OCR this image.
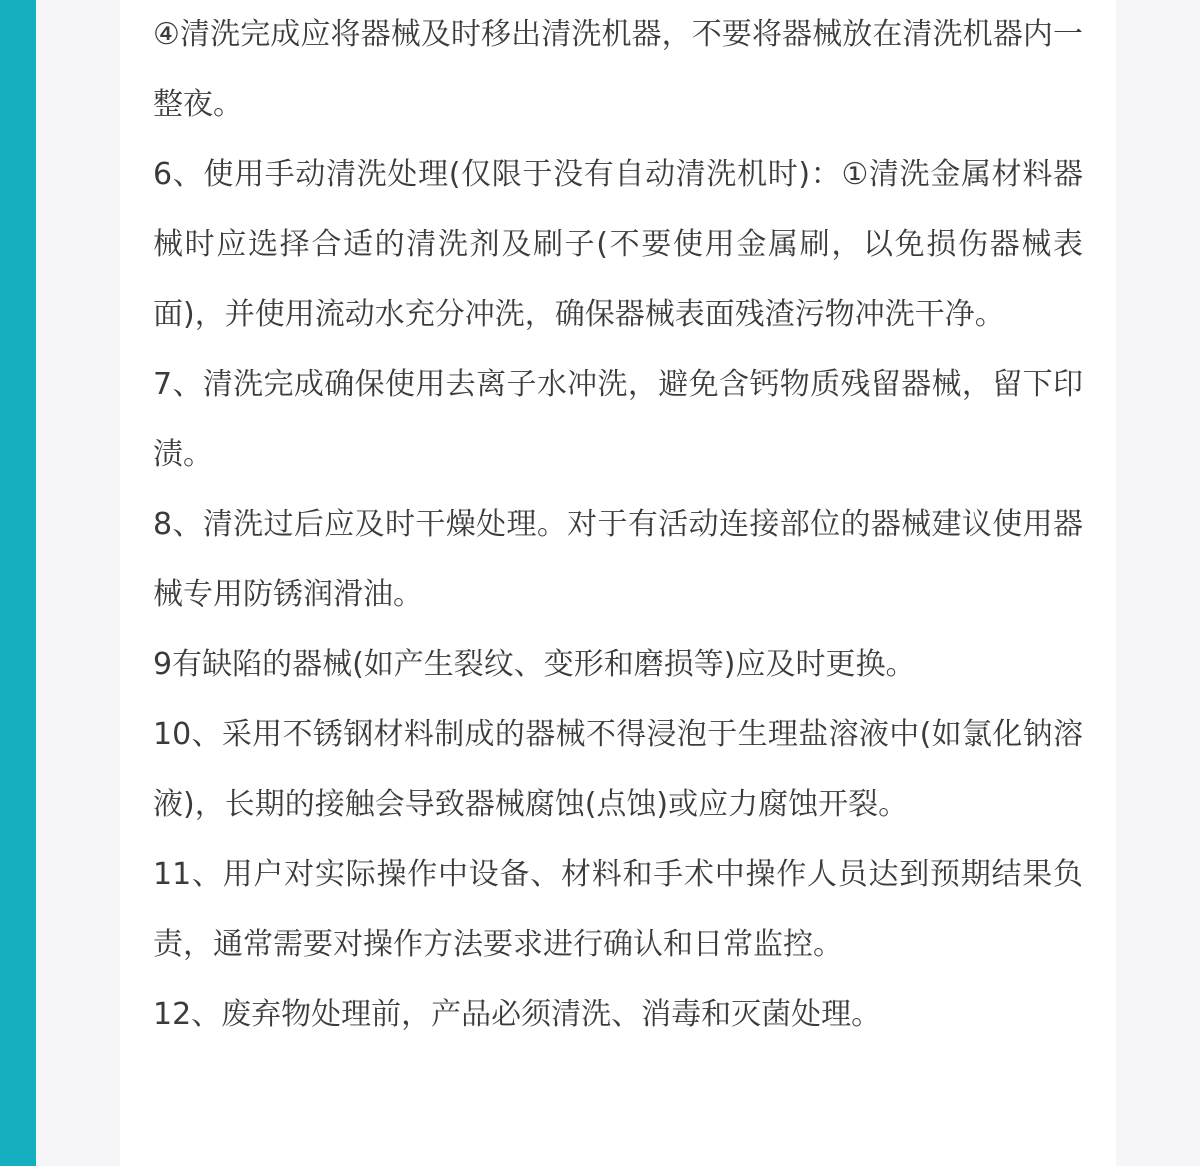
④清洗完成应将器械及时移出清洗机器，不要将器械放在清洗机器内一整夜。

6、使用手动清洗处理(仅限于没有自动清洗机时)：①清洗金属材料器械时应选择合适的清洗剂及刷子(不要使用金属刷，以免损伤器械表面)，并使用流动水充分冲洗，确保器械表面残渣污物冲洗干净。

7、清洗完成确保使用去离子水冲洗，避免含钙物质残留器械，留下印渍。

8、清洗过后应及时干燥处理。对于有活动连接部位的器械建议使用器械专用防锈润滑油。

9有缺陷的器械(如产生裂纹、变形和磨损等)应及时更换。

10、采用不锈钢材料制成的器械不得浸泡于生理盐溶液中(如氯化钠溶液)，长期的接触会导致器械腐蚀(点蚀)或应力腐蚀开裂。

11、用户对实际操作中设备、材料和手术中操作人员达到预期结果负责，通常需要对操作方法要求进行确认和日常监控。

12、废弃物处理前，产品必须清洗、消毒和灭菌处理。
